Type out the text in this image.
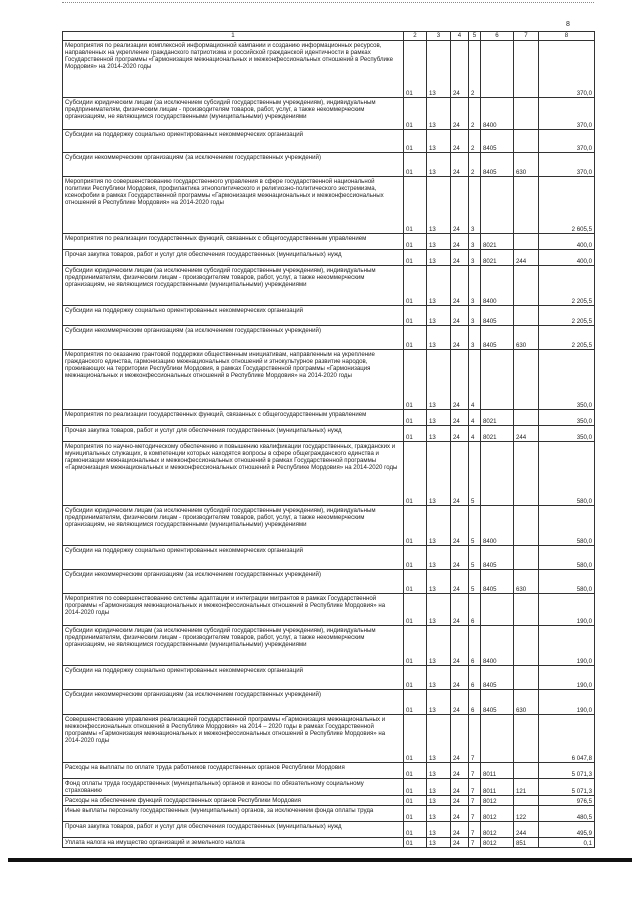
8
1	2	3	4	5	6	7	8
Мероприятия по реализации комплексной информационной кампании и созданию информационных ресурсов, направленных на укрепление гражданского патриотизма и российской гражданской идентичности в рамках Государственной программы «Гармонизация межнациональных и межконфессиональных отношений в Республике Мордовия» на 2014-2020 годы	01	13	24	2			370,0
Субсидии юридическим лицам (за исключением субсидий государственным учреждениям), индивидуальным предпринимателям, физическим лицам - производителям товаров, работ, услуг, а также некоммерческим организациям, не являющимся государственными (муниципальными) учреждениями	01	13	24	2	8400		370,0
Субсидии на поддержку социально ориентированных некоммерческих организаций	01	13	24	2	8405		370,0
Субсидии некоммерческим организациям (за исключением государственных учреждений)	01	13	24	2	8405	630	370,0
Мероприятия по совершенствованию государственного управления в сфере государственной национальной политики Республики Мордовия, профилактика этнополитического и религиозно-политического экстремизма, ксенофобии в рамках Государственной программы «Гармонизация межнациональных и межконфессиональных отношений в Республике Мордовия» на 2014-2020 годы	01	13	24	3			2 605,5
Мероприятия по реализации государственных функций, связанных с общегосударственным управлением	01	13	24	3	8021		400,0
Прочая закупка товаров, работ и услуг для обеспечения государственных (муниципальных) нужд	01	13	24	3	8021	244	400,0
Субсидии юридическим лицам (за исключением субсидий государственным учреждениям), индивидуальным предпринимателям, физическим лицам - производителям товаров, работ, услуг, а также некоммерческим организациям, не являющимся государственными (муниципальными) учреждениями	01	13	24	3	8400		2 205,5
Субсидии на поддержку социально ориентированных некоммерческих организаций	01	13	24	3	8405		2 205,5
Субсидии некоммерческим организациям (за исключением государственных учреждений)	01	13	24	3	8405	630	2 205,5
Мероприятия по оказанию грантовой поддержки общественным инициативам, направленным на укрепление гражданского единства, гармонизацию межнациональных отношений и этнокультурное развитие народов, проживающих на территории Республики Мордовия, в рамках Государственной программы «Гармонизация межнациональных и межконфессиональных отношений в Республике Мордовия» на 2014-2020 годы	01	13	24	4			350,0
Мероприятия по реализации государственных функций, связанных с общегосударственным управлением	01	13	24	4	8021		350,0
Прочая закупка товаров, работ и услуг для обеспечения государственных (муниципальных) нужд	01	13	24	4	8021	244	350,0
Мероприятия по научно-методическому обеспечению и повышению квалификации государственных, гражданских и муниципальных служащих, в компетенции которых находятся вопросы в сфере общегражданского единства и гармонизации межнациональных и межконфессиональных отношений в рамках Государственной программы «Гармонизация межнациональных и межконфессиональных отношений в Республике Мордовия» на 2014-2020 годы	01	13	24	5			580,0
Субсидии юридическим лицам (за исключением субсидий государственным учреждениям), индивидуальным предпринимателям, физическим лицам - производителям товаров, работ, услуг, а также некоммерческим организациям, не являющимся государственными (муниципальными) учреждениями	01	13	24	5	8400		580,0
Субсидии на поддержку социально ориентированных некоммерческих организаций	01	13	24	5	8405		580,0
Субсидии некоммерческим организациям (за исключением государственных учреждений)	01	13	24	5	8405	630	580,0
Мероприятия по совершенствованию системы адаптации и интеграции мигрантов в рамках Государственной программы «Гармонизация межнациональных и межконфессиональных отношений в Республике Мордовия» на 2014-2020 годы	01	13	24	6			190,0
Субсидии юридическим лицам (за исключением субсидий государственным учреждениям), индивидуальным предпринимателям, физическим лицам - производителям товаров, работ, услуг, а также некоммерческим организациям, не являющимся государственными (муниципальными) учреждениями	01	13	24	6	8400		190,0
Субсидии на поддержку социально ориентированных некоммерческих организаций	01	13	24	6	8405		190,0
Субсидии некоммерческим организациям (за исключением государственных учреждений)	01	13	24	6	8405	630	190,0
Совершенствование управления реализацией государственной программы «Гармонизация межнациональных и межконфессиональных отношений в Республике Мордовия» на 2014 – 2020 годы в рамках Государственной программы «Гармонизация межнациональных и межконфессиональных отношений в Республике Мордовия» на 2014-2020 годы	01	13	24	7			6 047,8
Расходы на выплаты по оплате труда работников государственных органов Республики Мордовия	01	13	24	7	8011		5 071,3
Фонд оплаты труда государственных (муниципальных) органов и взносы по обязательному социальному страхованию	01	13	24	7	8011	121	5 071,3
Расходы на обеспечение функций государственных органов Республики Мордовия	01	13	24	7	8012		976,5
Иные выплаты персоналу государственных (муниципальных) органов, за исключением фонда оплаты труда	01	13	24	7	8012	122	480,5
Прочая закупка товаров, работ и услуг для обеспечения государственных (муниципальных) нужд	01	13	24	7	8012	244	495,9
Уплата налога на имущество организаций и земельного налога	01	13	24	7	8012	851	0,1
